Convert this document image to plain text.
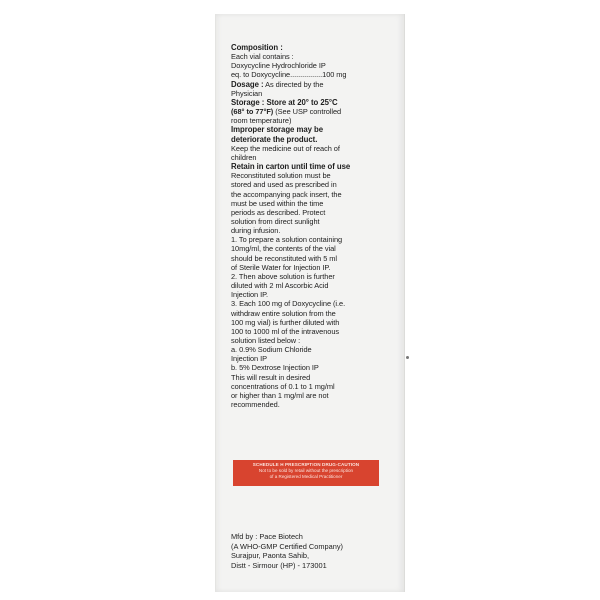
Composition :
Each vial contains :
Doxycycline Hydrochloride IP
eq. to Doxycycline................100 mg
Dosage : As directed by the
Physician
Storage : Store at 20° to 25°C
(68° to 77°F) (See USP controlled
room temperature)
Improper storage may be
deteriorate the product.
Keep the medicine out of reach of
children
Retain in carton until time of use
Reconstituted solution must be
stored and used as prescribed in
the accompanying pack insert, the
must be used within the time
periods as described. Protect
solution from direct sunlight
during infusion.
1. To prepare a solution containing
10mg/ml, the contents of the vial
should be reconstituted with 5 ml
of Sterile Water for Injection IP.
2. Then above solution is further
diluted with 2 ml Ascorbic Acid
Injection IP.
3. Each 100 mg of Doxycycline (i.e.
withdraw entire solution from the
100 mg vial) is further diluted with
100 to 1000 ml of the intravenous
solution listed below :
a. 0.9% Sodium Chloride
Injection IP
b. 5% Dextrose Injection IP
This will result in desired
concentrations of 0.1 to 1 mg/ml
or higher than 1 mg/ml are not
recommended.
SCHEDULE H PRESCRIPTION DRUG-CAUTION
Not to be sold by retail without the prescription
of a Registered Medical Practitioner
Mfd by : Pace Biotech
(A WHO-GMP Certified Company)
Surajpur, Paonta Sahib,
Distt - Sirmour (HP) - 173001
